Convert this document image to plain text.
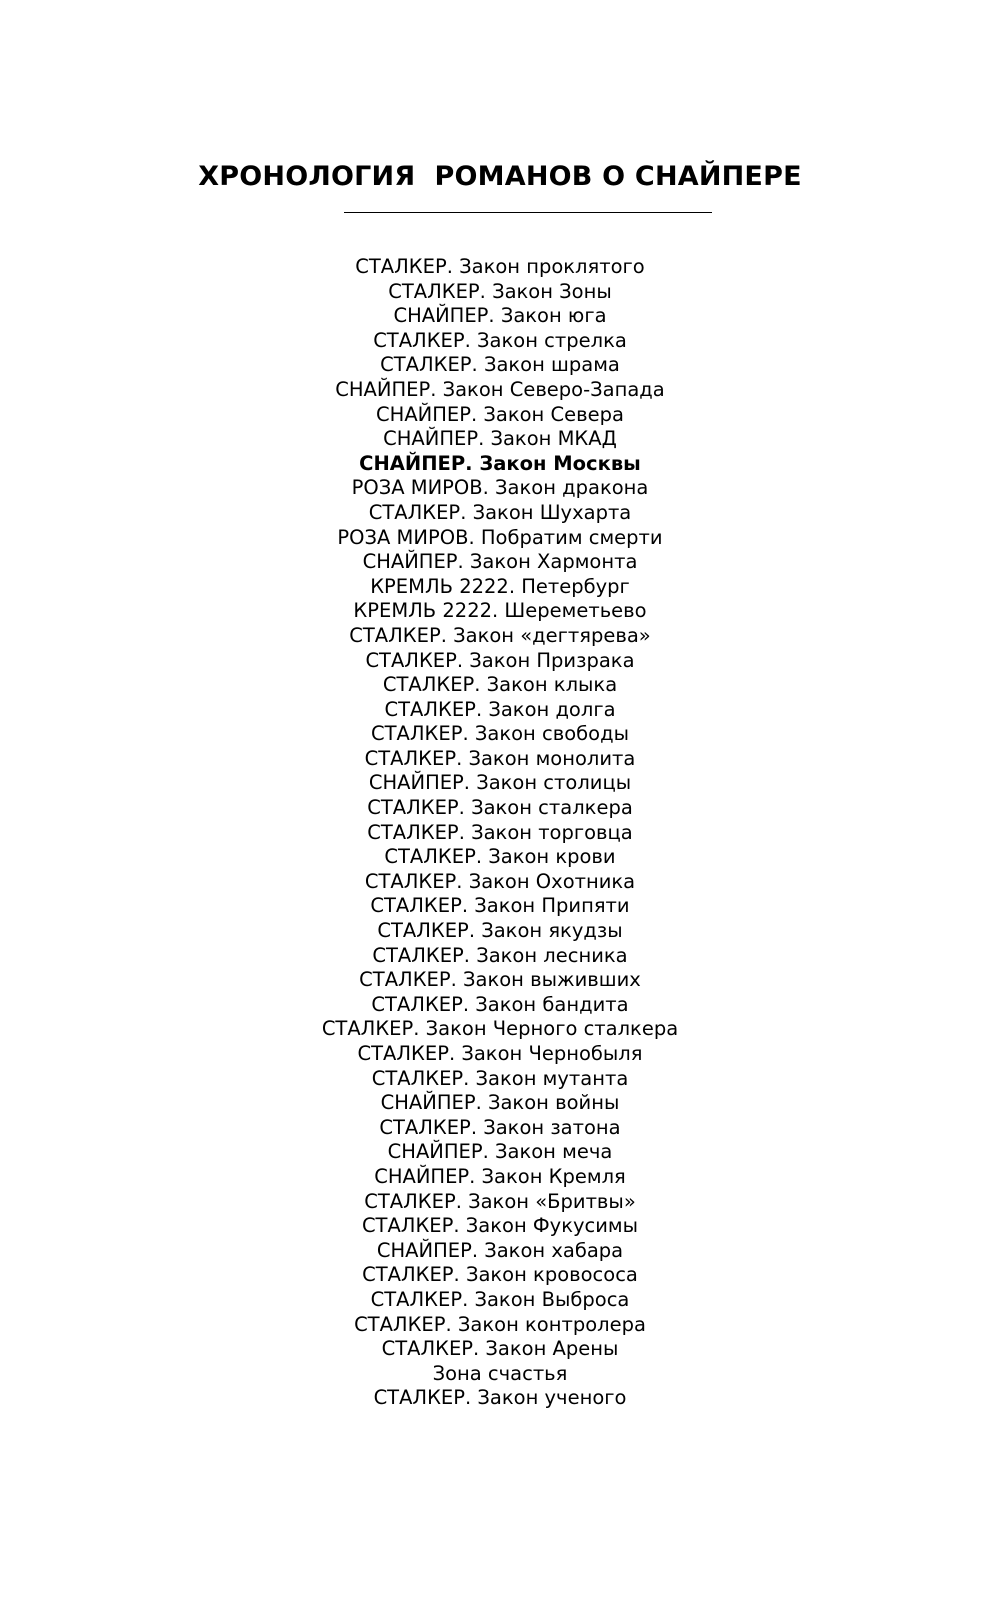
ХРОНОЛОГИЯ  РОМАНОВ О СНАЙПЕРЕ
СТАЛКЕР. Закон проклятого
СТАЛКЕР. Закон Зоны
СНАЙПЕР. Закон юга
СТАЛКЕР. Закон стрелка
СТАЛКЕР. Закон шрама
СНАЙПЕР. Закон Северо-Запада
СНАЙПЕР. Закон Севера
СНАЙПЕР. Закон МКАД
СНАЙПЕР. Закон Москвы
РОЗА МИРОВ. Закон дракона
СТАЛКЕР. Закон Шухарта
РОЗА МИРОВ. Побратим смерти
СНАЙПЕР. Закон Хармонта
КРЕМЛЬ 2222. Петербург
КРЕМЛЬ 2222. Шереметьево
СТАЛКЕР. Закон «дегтярева»
СТАЛКЕР. Закон Призрака
СТАЛКЕР. Закон клыка
СТАЛКЕР. Закон долга
СТАЛКЕР. Закон свободы
СТАЛКЕР. Закон монолита
СНАЙПЕР. Закон столицы
СТАЛКЕР. Закон сталкера
СТАЛКЕР. Закон торговца
СТАЛКЕР. Закон крови
СТАЛКЕР. Закон Охотника
СТАЛКЕР. Закон Припяти
СТАЛКЕР. Закон якудзы
СТАЛКЕР. Закон лесника
СТАЛКЕР. Закон выживших
СТАЛКЕР. Закон бандита
СТАЛКЕР. Закон Черного сталкера
СТАЛКЕР. Закон Чернобыля
СТАЛКЕР. Закон мутанта
СНАЙПЕР. Закон войны
СТАЛКЕР. Закон затона
СНАЙПЕР. Закон меча
СНАЙПЕР. Закон Кремля
СТАЛКЕР. Закон «Бритвы»
СТАЛКЕР. Закон Фукусимы
СНАЙПЕР. Закон хабара
СТАЛКЕР. Закон кровососа
СТАЛКЕР. Закон Выброса
СТАЛКЕР. Закон контролера
СТАЛКЕР. Закон Арены
Зона счастья
СТАЛКЕР. Закон ученого
